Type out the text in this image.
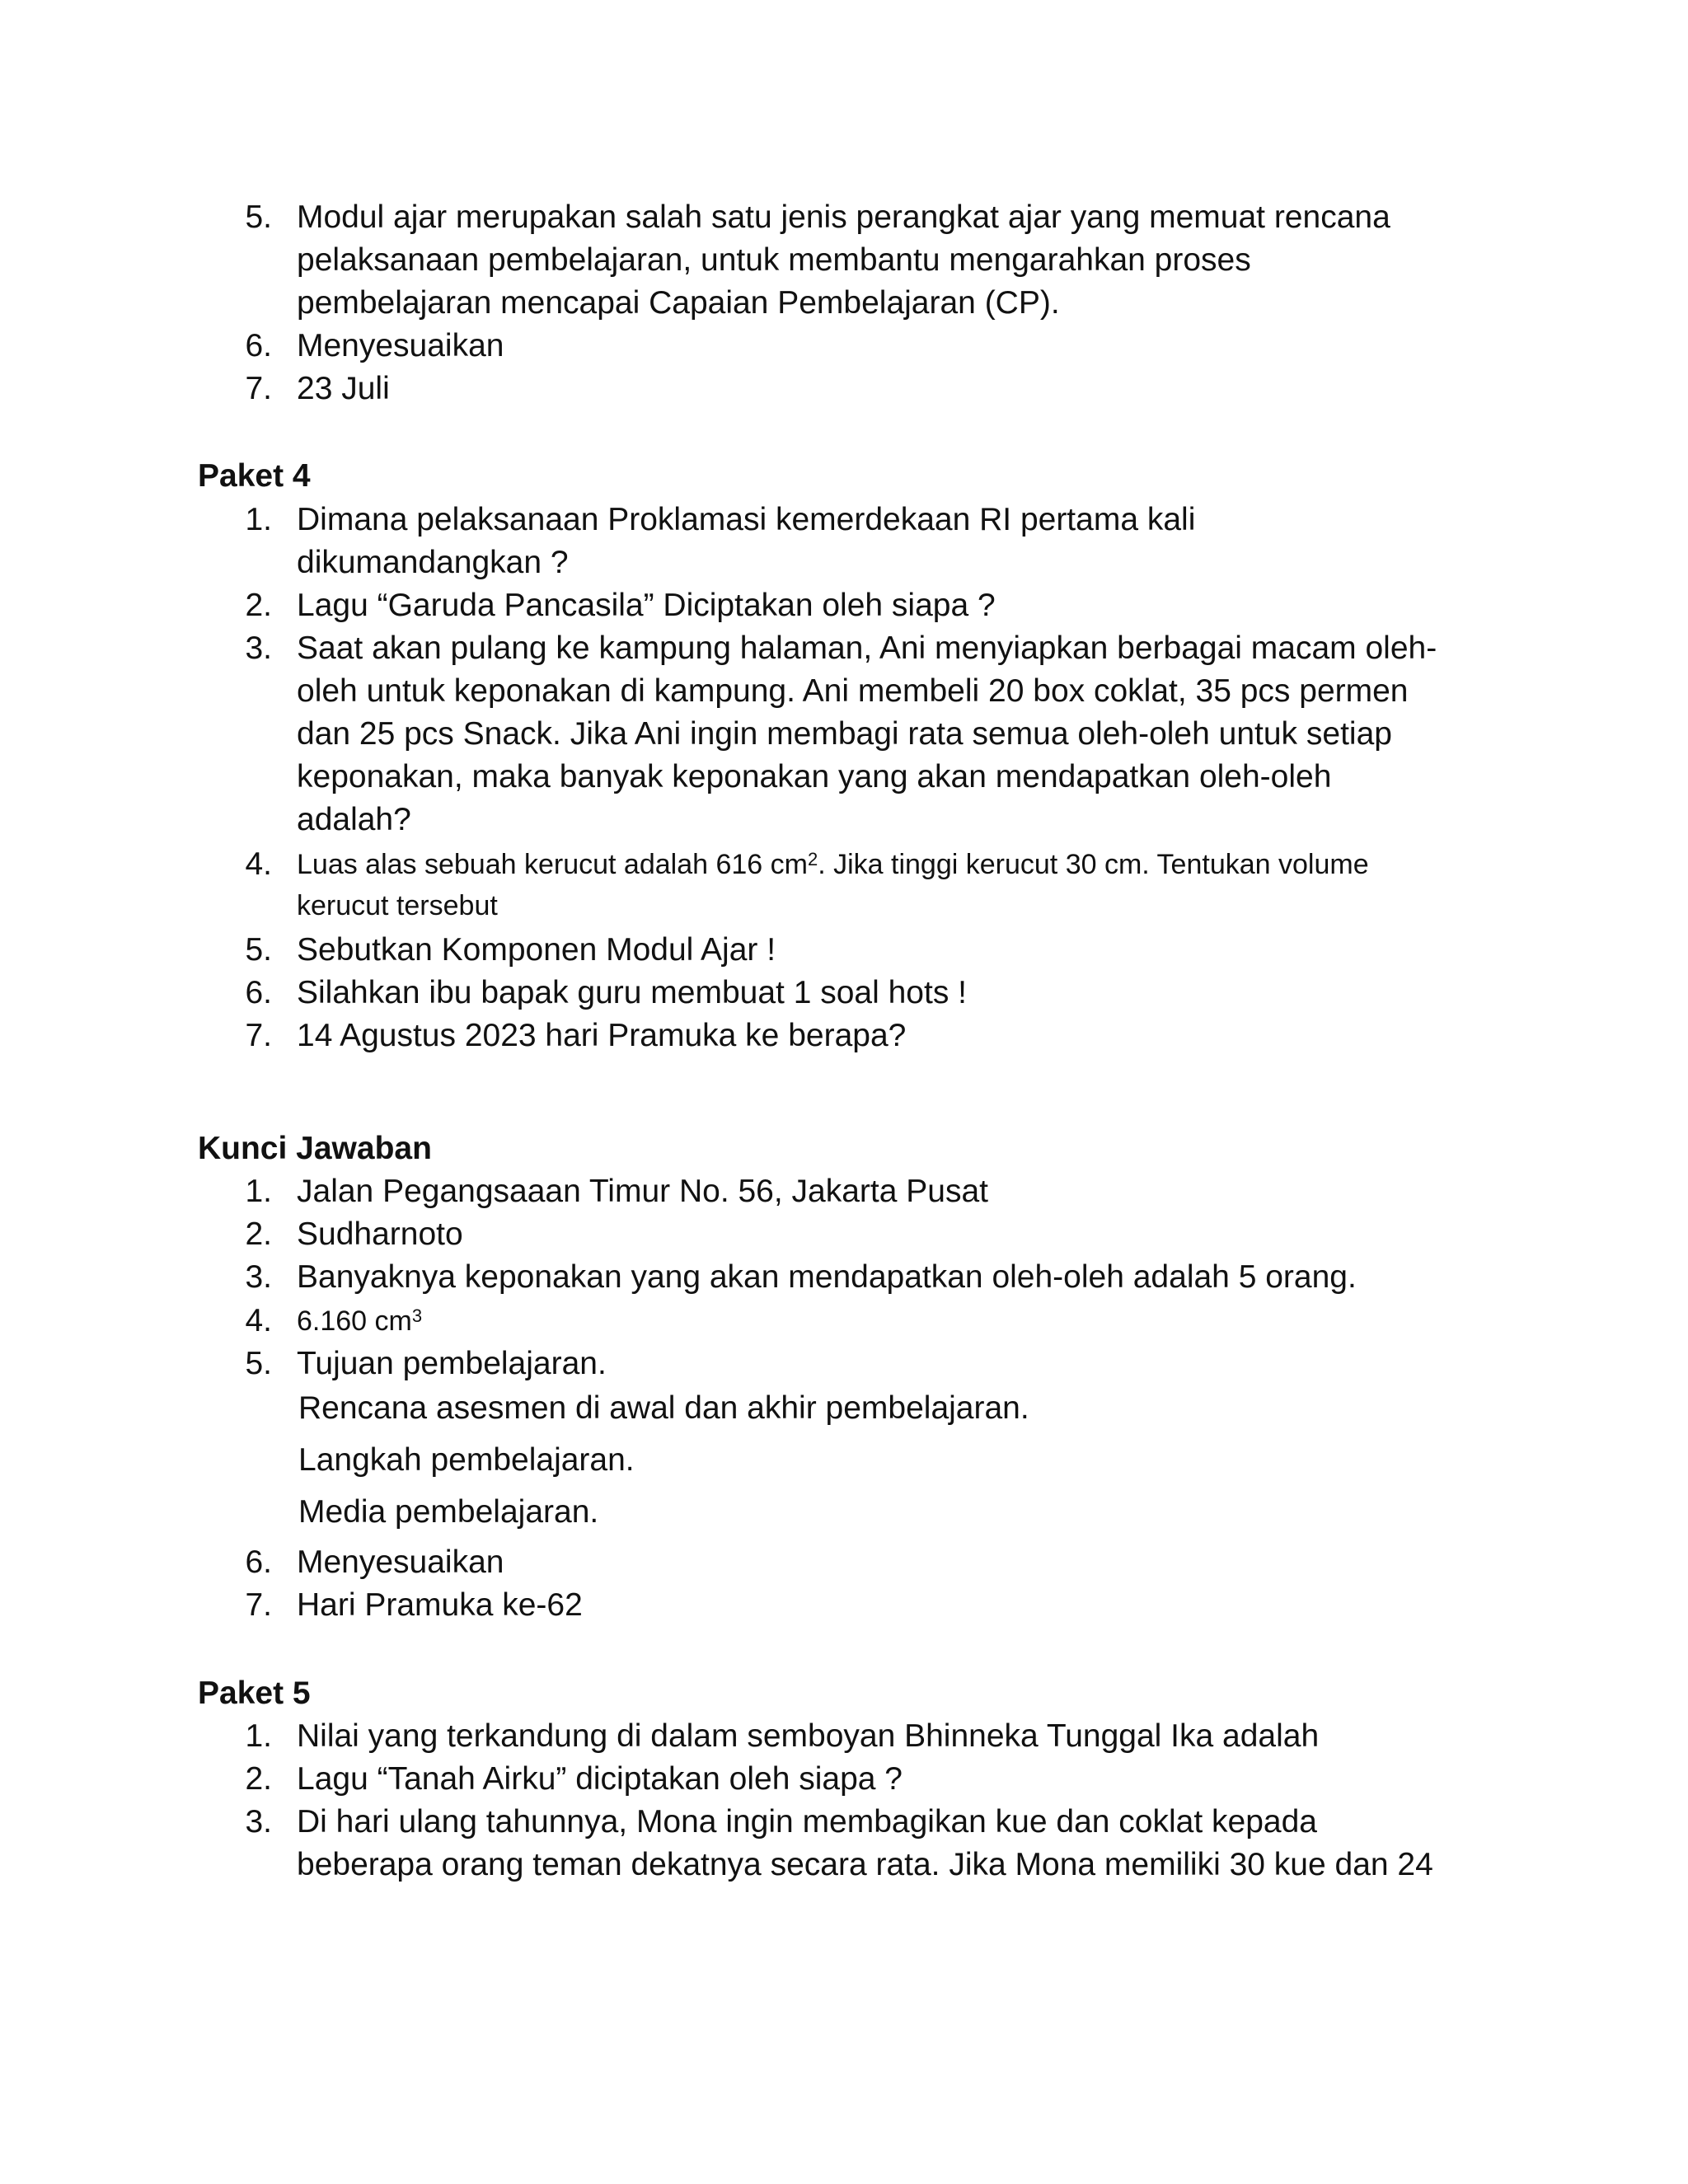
5. Modul ajar merupakan salah satu jenis perangkat ajar yang memuat rencana
pelaksanaan pembelajaran, untuk membantu mengarahkan proses
pembelajaran mencapai Capaian Pembelajaran (CP).
6. Menyesuaikan
7. 23 Juli
Paket 4
1. Dimana pelaksanaan Proklamasi kemerdekaan RI pertama kali
dikumandangkan ?
2. Lagu “Garuda Pancasila” Diciptakan oleh siapa ?
3. Saat akan pulang ke kampung halaman, Ani menyiapkan berbagai macam oleh-
oleh untuk keponakan di kampung. Ani membeli 20 box coklat, 35 pcs permen
dan 25 pcs Snack. Jika Ani ingin membagi rata semua oleh-oleh untuk setiap
keponakan, maka banyak keponakan yang akan mendapatkan oleh-oleh
adalah?
4. Luas alas sebuah kerucut adalah 616 $cm^2$. Jika tinggi kerucut 30 cm. Tentukan volume
kerucut tersebut
5. Sebutkan Komponen Modul Ajar !
6. Silahkan ibu bapak guru membuat 1 soal hots !
7. 14 Agustus 2023 hari Pramuka ke berapa?
Kunci Jawaban
1. Jalan Pegangsaaan Timur No. 56, Jakarta Pusat
2. Sudharnoto
3. Banyaknya keponakan yang akan mendapatkan oleh-oleh adalah 5 orang.
4. 6.160 $cm^3$
5. Tujuan pembelajaran.
Rencana asesmen di awal dan akhir pembelajaran.
Langkah pembelajaran.
Media pembelajaran.
6. Menyesuaikan
7. Hari Pramuka ke-62
Paket 5
1. Nilai yang terkandung di dalam semboyan Bhinneka Tunggal Ika adalah
2. Lagu “Tanah Airku” diciptakan oleh siapa ?
3. Di hari ulang tahunnya, Mona ingin membagikan kue dan coklat kepada
beberapa orang teman dekatnya secara rata. Jika Mona memiliki 30 kue dan 24
